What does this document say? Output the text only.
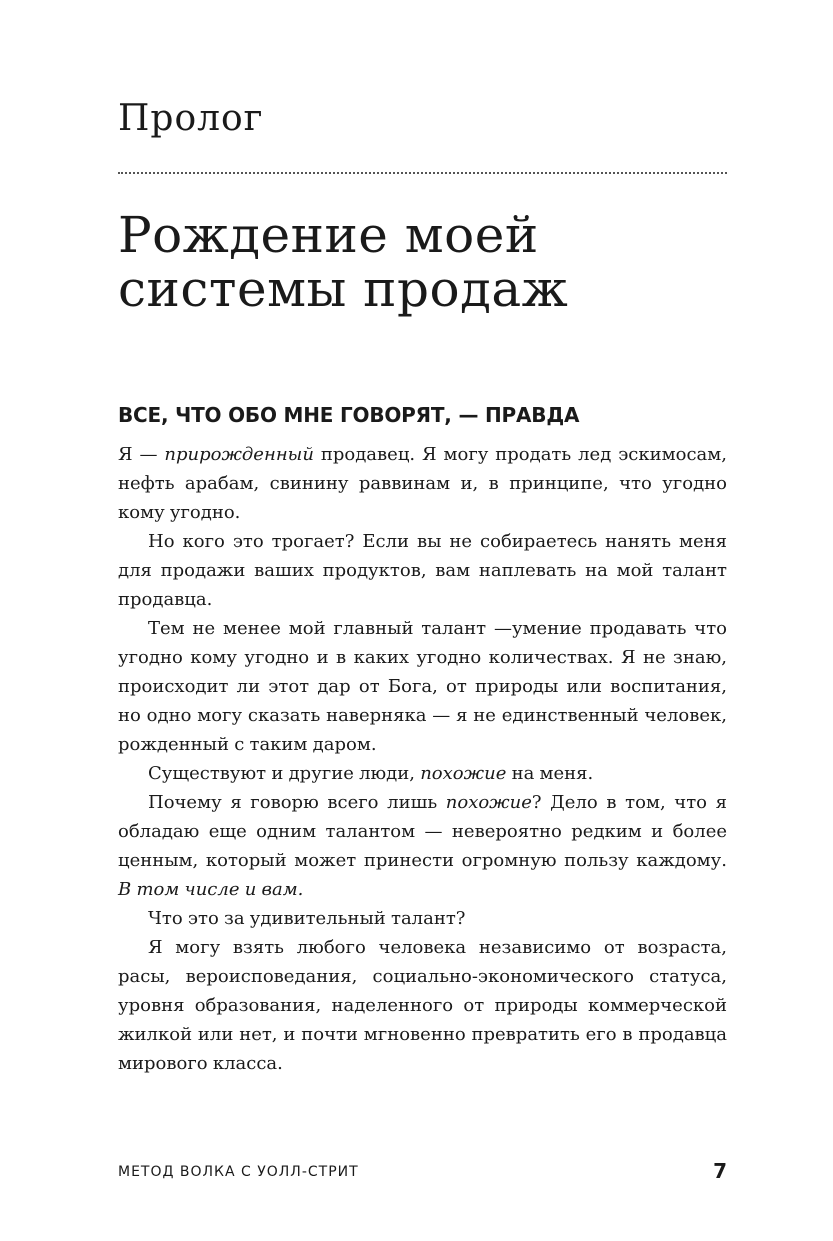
Пролог
Рождение моей
системы продаж
ВСЕ, ЧТО ОБО МНЕ ГОВОРЯТ, — ПРАВДА

Я — прирожденный продавец. Я могу продать лед эскимосам, нефть арабам, свинину раввинам и, в принципе, что угодно кому угодно.

Но кого это трогает? Если вы не собираетесь нанять меня для продажи ваших продуктов, вам наплевать на мой талант продавца.

Тем не менее мой главный талант —умение продавать что угодно кому угодно и в каких угодно количествах. Я не знаю, происходит ли этот дар от Бога, от природы или воспитания, но одно могу сказать наверняка — я не единственный человек, рожденный с таким даром.

Существуют и другие люди, похожие на меня.

Почему я говорю всего лишь похожие? Дело в том, что я обладаю еще одним талантом — невероятно редким и более ценным, который может принести огромную пользу каждому. В том числе и вам.

Что это за удивительный талант?

Я могу взять любого человека независимо от возраста, расы, вероисповедания, социально-экономического статуса, уровня образования, наделенного от природы коммерческой жилкой или нет, и почти мгновенно превратить его в продавца мирового класса.

МЕТОД ВОЛКА С УОЛЛ-СТРИТ	7
